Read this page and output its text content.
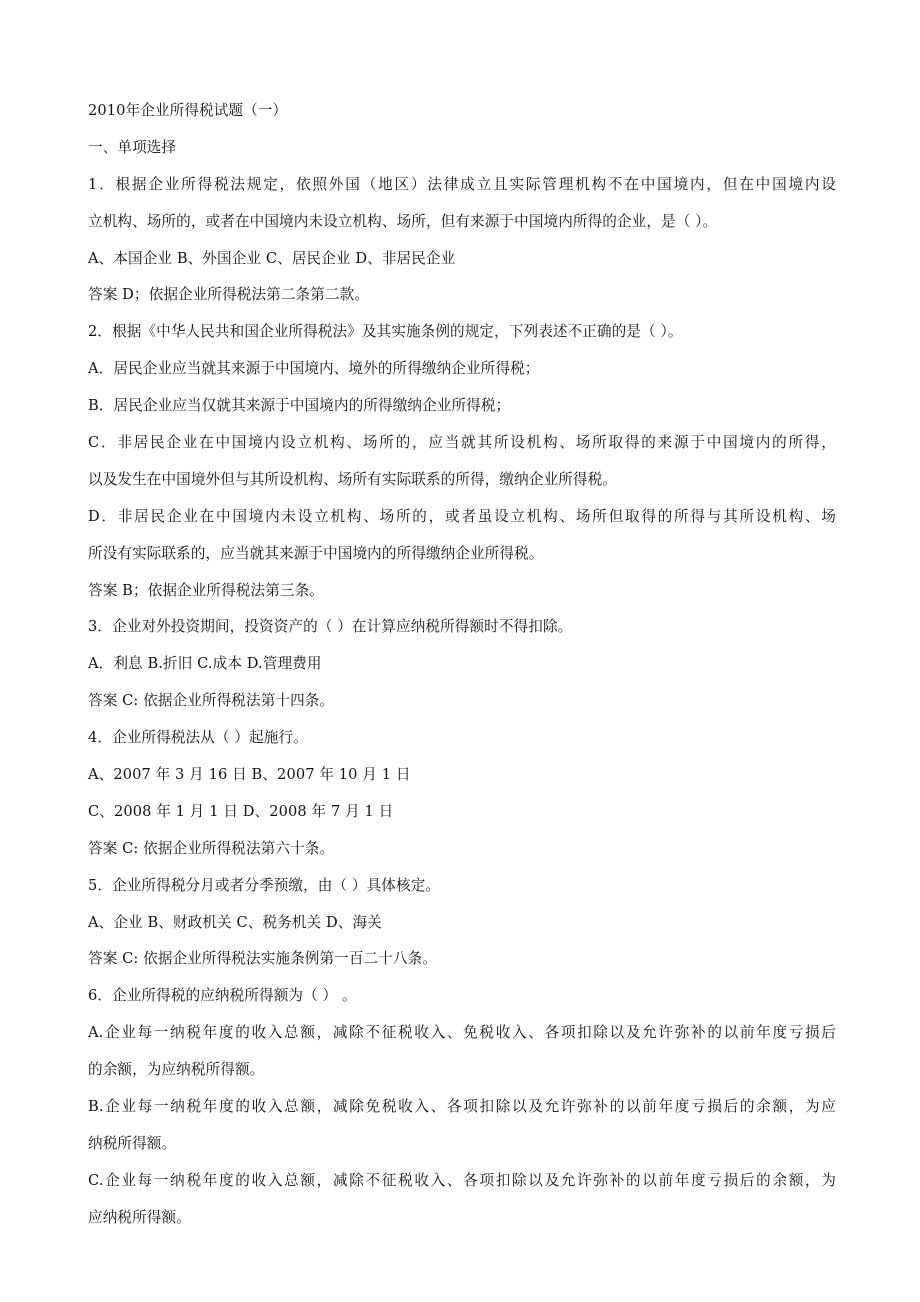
2010年企业所得税试题（一）
一、单项选择
1．根据企业所得税法规定，依照外国（地区）法律成立且实际管理机构不在中国境内，但在中国境内设
立机构、场所的，或者在中国境内未设立机构、场所，但有来源于中国境内所得的企业，是（ ）。
A、本国企业 B、外国企业 C、居民企业 D、非居民企业
答案 D；依据企业所得税法第二条第二款。
2．根据《中华人民共和国企业所得税法》及其实施条例的规定，下列表述不正确的是（ ）。
A．居民企业应当就其来源于中国境内、境外的所得缴纳企业所得税；
B．居民企业应当仅就其来源于中国境内的所得缴纳企业所得税；
C．非居民企业在中国境内设立机构、场所的，应当就其所设机构、场所取得的来源于中国境内的所得，
以及发生在中国境外但与其所设机构、场所有实际联系的所得，缴纳企业所得税。
D．非居民企业在中国境内未设立机构、场所的，或者虽设立机构、场所但取得的所得与其所设机构、场
所没有实际联系的，应当就其来源于中国境内的所得缴纳企业所得税。
答案 B；依据企业所得税法第三条。
3．企业对外投资期间，投资资产的（ ）在计算应纳税所得额时不得扣除。
A．利息 B.折旧 C.成本 D.管理费用
答案 C: 依据企业所得税法第十四条。
4．企业所得税法从（ ）起施行。
A、2007 年 3 月 16 日 B、2007 年 10 月 1 日
C、2008 年 1 月 1 日 D、2008 年 7 月 1 日
答案 C: 依据企业所得税法第六十条。
5．企业所得税分月或者分季预缴，由（ ）具体核定。
A、企业 B、财政机关 C、税务机关 D、海关
答案 C: 依据企业所得税法实施条例第一百二十八条。
6．企业所得税的应纳税所得额为（ ） 。
A.企业每一纳税年度的收入总额，减除不征税收入、免税收入、各项扣除以及允许弥补的以前年度亏损后
的余额，为应纳税所得额。
B.企业每一纳税年度的收入总额，减除免税收入、各项扣除以及允许弥补的以前年度亏损后的余额，为应
纳税所得额。
C.企业每一纳税年度的收入总额，减除不征税收入、各项扣除以及允许弥补的以前年度亏损后的余额，为
应纳税所得额。
